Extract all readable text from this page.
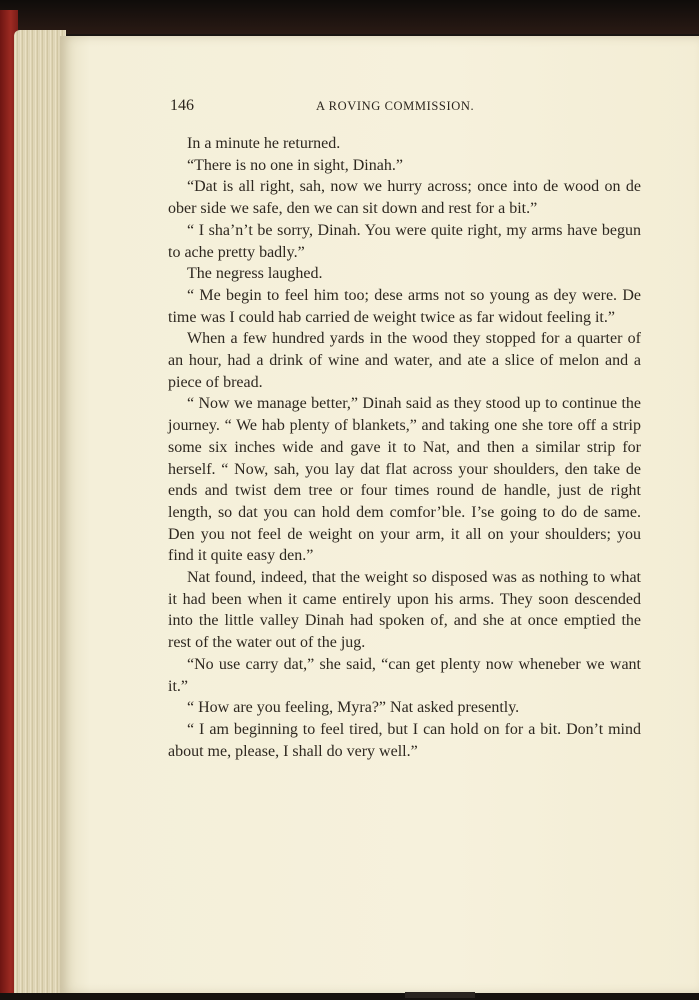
146	A ROVING COMMISSION.

In a minute he returned.

“There is no one in sight, Dinah.”

“Dat is all right, sah, now we hurry across; once into de wood on de ober side we safe, den we can sit down and rest for a bit.”

“ I sha’n’t be sorry, Dinah. You were quite right, my arms have begun to ache pretty badly.”

The negress laughed.

“ Me begin to feel him too; dese arms not so young as dey were. De time was I could hab carried de weight twice as far widout feeling it.”

When a few hundred yards in the wood they stopped for a quarter of an hour, had a drink of wine and water, and ate a slice of melon and a piece of bread.

“ Now we manage better,” Dinah said as they stood up to continue the journey. “ We hab plenty of blankets,” and taking one she tore off a strip some six inches wide and gave it to Nat, and then a similar strip for herself. “ Now, sah, you lay dat flat across your shoulders, den take de ends and twist dem tree or four times round de handle, just de right length, so dat you can hold dem comfor’ble. I’se going to do de same. Den you not feel de weight on your arm, it all on your shoulders; you find it quite easy den.”

Nat found, indeed, that the weight so disposed was as nothing to what it had been when it came entirely upon his arms. They soon descended into the little valley Dinah had spoken of, and she at once emptied the rest of the water out of the jug.

“No use carry dat,” she said, “can get plenty now wheneber we want it.”

“ How are you feeling, Myra?” Nat asked presently.

“ I am beginning to feel tired, but I can hold on for a bit. Don’t mind about me, please, I shall do very well.”
